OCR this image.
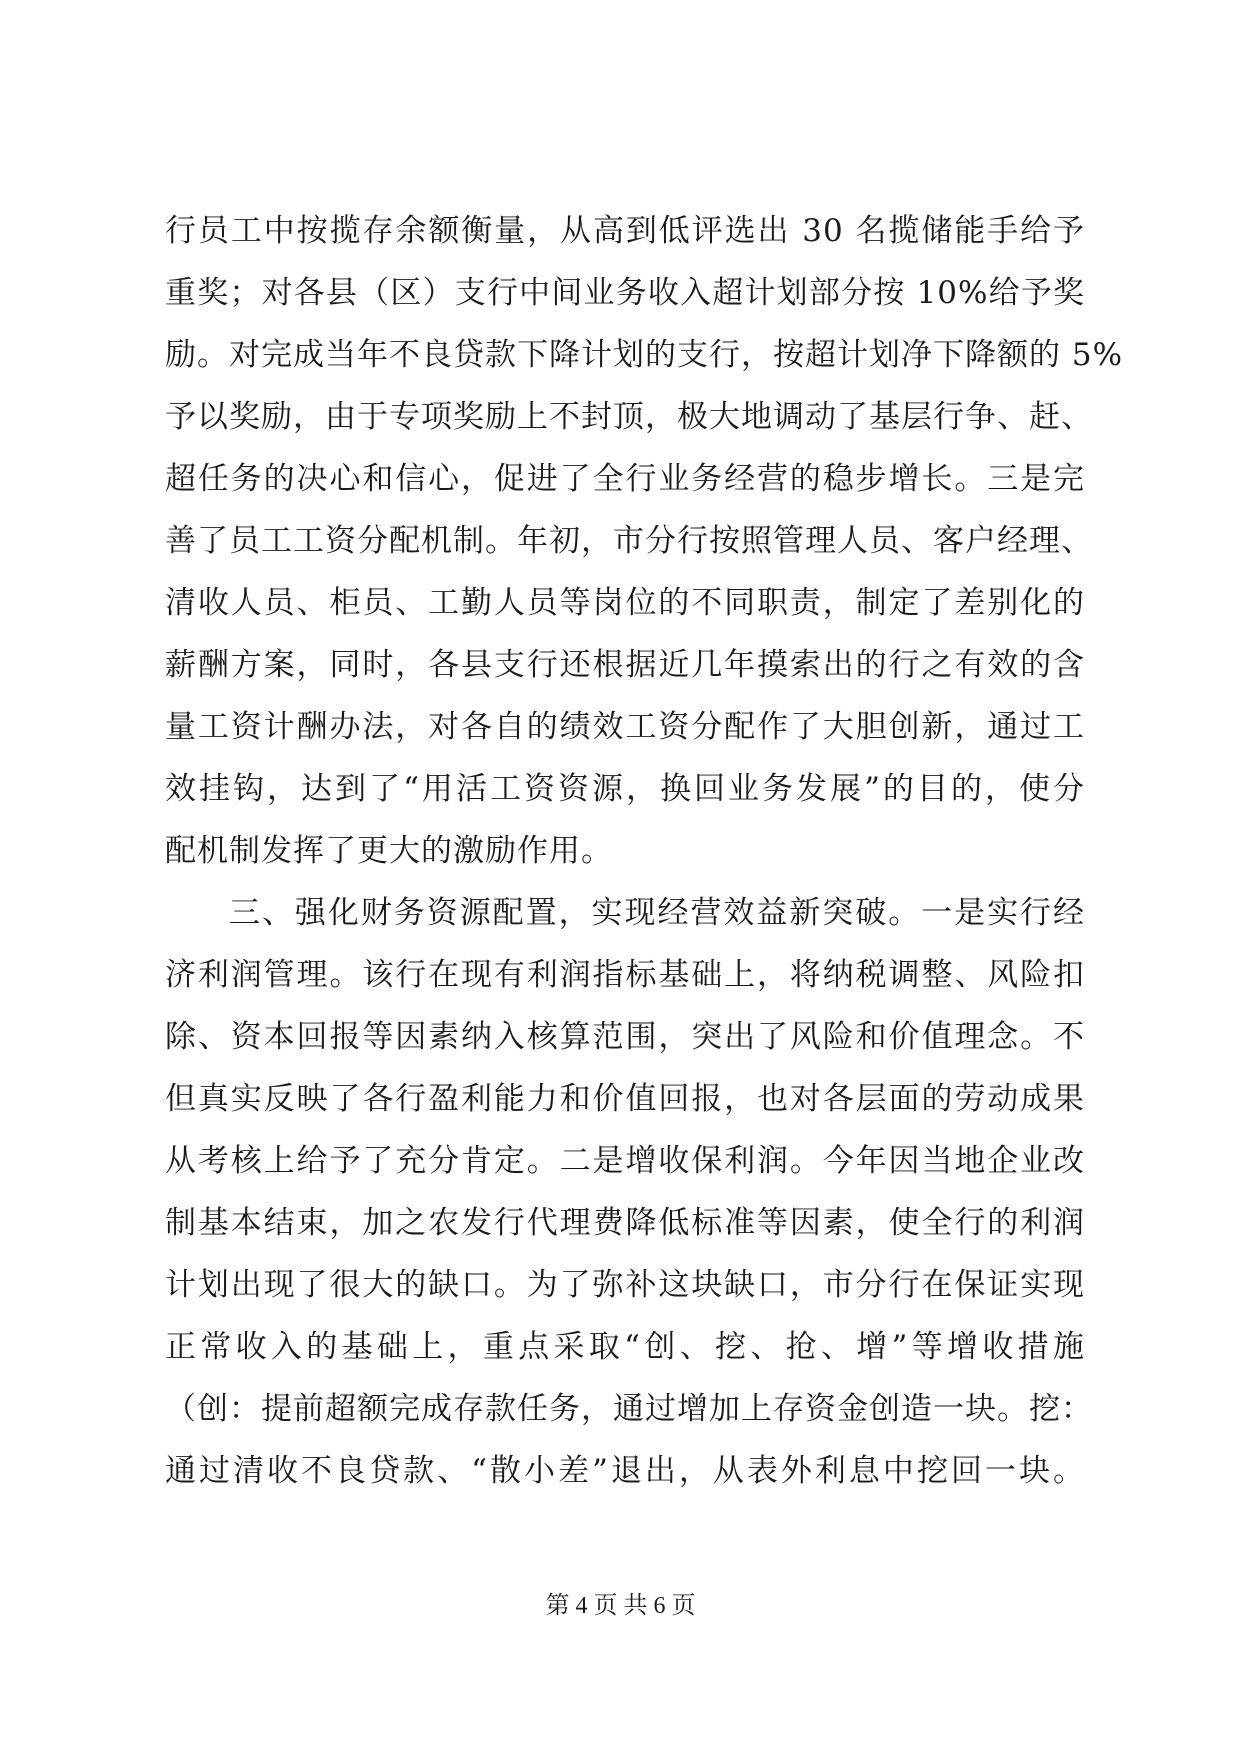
行员工中按揽存余额衡量，从高到低评选出 30 名揽储能手给予
重奖；对各县（区）支行中间业务收入超计划部分按 10%给予奖
励。对完成当年不良贷款下降计划的支行，按超计划净下降额的 5%
予以奖励，由于专项奖励上不封顶，极大地调动了基层行争、赶、
超任务的决心和信心，促进了全行业务经营的稳步增长。三是完
善了员工工资分配机制。年初，市分行按照管理人员、客户经理、
清收人员、柜员、工勤人员等岗位的不同职责，制定了差别化的
薪酬方案，同时，各县支行还根据近几年摸索出的行之有效的含
量工资计酬办法，对各自的绩效工资分配作了大胆创新，通过工
效挂钩，达到了“用活工资资源，换回业务发展”的目的，使分
配机制发挥了更大的激励作用。
三、强化财务资源配置，实现经营效益新突破。一是实行经
济利润管理。该行在现有利润指标基础上，将纳税调整、风险扣
除、资本回报等因素纳入核算范围，突出了风险和价值理念。不
但真实反映了各行盈利能力和价值回报，也对各层面的劳动成果
从考核上给予了充分肯定。二是增收保利润。今年因当地企业改
制基本结束，加之农发行代理费降低标准等因素，使全行的利润
计划出现了很大的缺口。为了弥补这块缺口，市分行在保证实现
正常收入的基础上，重点采取“创、挖、抢、增”等增收措施
（创：提前超额完成存款任务，通过增加上存资金创造一块。挖：
通过清收不良贷款、“散小差”退出，从表外利息中挖回一块。
第 4 页 共 6 页
